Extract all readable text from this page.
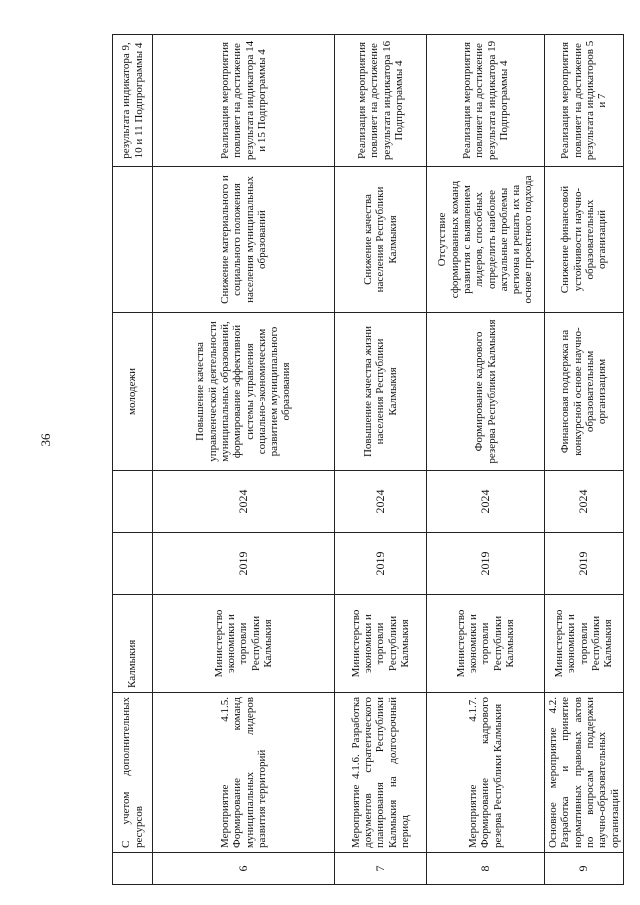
36
	С учетом дополнительных ресурсов	Калмыкия			молодежи		результата индикатора 9, 10 и 11 Подпрограммы 4
6	Мероприятие 4.1.5. Формирование команд муниципальных лидеров развития территорий	Министерство экономики и торговли Республики Калмыкия	2019	2024	Повышение качества управленческой деятельности муниципальных образований, формирование эффективной системы управления социально-экономическим развитием муниципального образования	Снижение материального и социального положения населения муниципальных образований	Реализация мероприятия повлияет на достижение результата индикатора 14 и 15 Подпрограммы 4
7	Мероприятие 4.1.6. Разработка документов стратегического планирования Республики Калмыкия на долгосрочный период	Министерство экономики и торговли Республики Калмыкия	2019	2024	Повышение качества жизни населения Республики Калмыкия	Снижение качества населения Республики Калмыкия	Реализация мероприятия повлияет на достижение результата индикатора 16 Подпрограммы 4
8	Мероприятие 4.1.7. Формирование кадрового резерва Республики Калмыкия	Министерство экономики и торговли Республики Калмыкия	2019	2024	Формирование кадрового резерва Республики Калмыкия	Отсутствие сформированных команд развития с выявлением лидеров, способных определить наиболее актуальные проблемы региона и решать их на основе проектного подхода	Реализация мероприятия повлияет на достижение результата индикатора 19 Подпрограммы 4
9	Основное мероприятие 4.2. Разработка и принятие нормативных правовых актов по вопросам поддержки научно-образовательных организаций	Министерство экономики и торговли Республики Калмыкия	2019	2024	Финансовая поддержка на конкурсной основе научно-образовательным организациям	Снижение финансовой устойчивости научно-образовательных организаций	Реализация мероприятия повлияет на достижение результата индикаторов 5 и 7
